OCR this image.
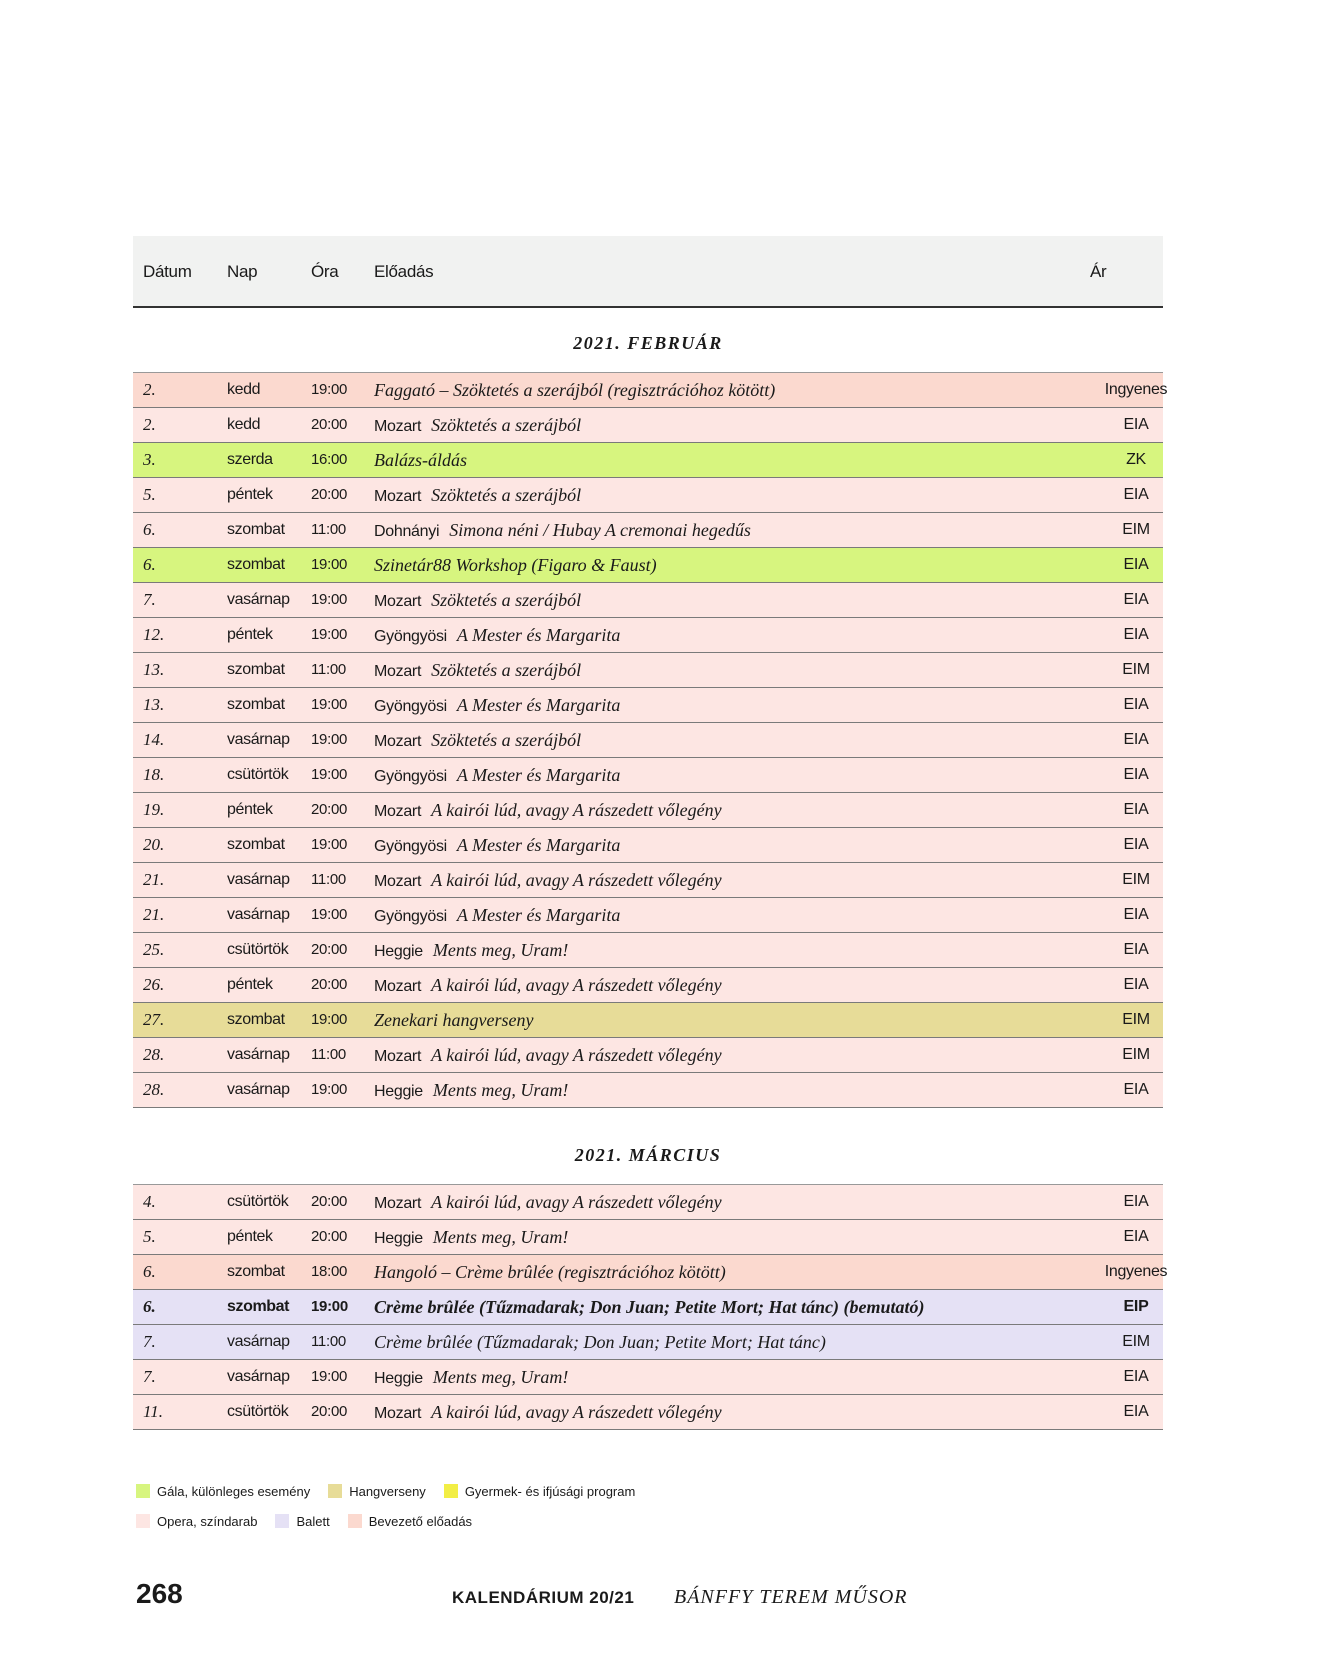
Dátum Nap	Óra Előadás	Ár
2021. FEBRUÁR
2.	kedd	19:00 Faggató – Szöktetés a szerájból (regisztrációhoz kötött)	Ingyenes
2.	kedd	20:00 Mozart Szöktetés a szerájból	EIA
3.	szerda	16:00 Balázs-áldás	ZK
5.	péntek	20:00 Mozart Szöktetés a szerájból	EIA
6.	szombat 11:00 Dohnányi Simona néni / Hubay A cremonai hegedűs	EIM
6.	szombat 19:00 Szinetár88 Workshop (Figaro & Faust)	EIA
7.	vasárnap 19:00 Mozart Szöktetés a szerájból	EIA
12.	péntek	19:00 Gyöngyösi A Mester és Margarita	EIA
13.	szombat 11:00 Mozart Szöktetés a szerájból	EIM
13.	szombat 19:00 Gyöngyösi A Mester és Margarita	EIA
14.	vasárnap 19:00 Mozart Szöktetés a szerájból	EIA
18.	csütörtök 19:00 Gyöngyösi A Mester és Margarita	EIA
19.	péntek	20:00 Mozart A kairói lúd, avagy A rászedett vőlegény	EIA
20.	szombat 19:00 Gyöngyösi A Mester és Margarita	EIA
21.	vasárnap 11:00 Mozart A kairói lúd, avagy A rászedett vőlegény	EIM
21.	vasárnap 19:00 Gyöngyösi A Mester és Margarita	EIA
25.	csütörtök 20:00 Heggie Ments meg, Uram!	EIA
26.	péntek	20:00 Mozart A kairói lúd, avagy A rászedett vőlegény	EIA
27.	szombat 19:00 Zenekari hangverseny	EIM
28.	vasárnap 11:00 Mozart A kairói lúd, avagy A rászedett vőlegény	EIM
28.	vasárnap 19:00 Heggie Ments meg, Uram!	EIA
2021. MÁRCIUS
4.	csütörtök 20:00 Mozart A kairói lúd, avagy A rászedett vőlegény	EIA
5.	péntek	20:00 Heggie Ments meg, Uram!	EIA
6.	szombat 18:00 Hangoló – Crème brûlée (regisztrációhoz kötött)	Ingyenes
6.	szombat 19:00 Crème brûlée (Tűzmadarak; Don Juan; Petite Mort; Hat tánc) (bemutató)	EIP
7.	vasárnap 11:00 Crème brûlée (Tűzmadarak; Don Juan; Petite Mort; Hat tánc)	EIM
7.	vasárnap 19:00 Heggie Ments meg, Uram!	EIA
11.	csütörtök 20:00 Mozart A kairói lúd, avagy A rászedett vőlegény	EIA
Gála, különleges esemény	Hangverseny	Gyermek- és ifjúsági program
Opera, színdarab	Balett	Bevezető előadás
268	KALENDÁRIUM 20/21 BÁNFFY TEREM MŰSOR
